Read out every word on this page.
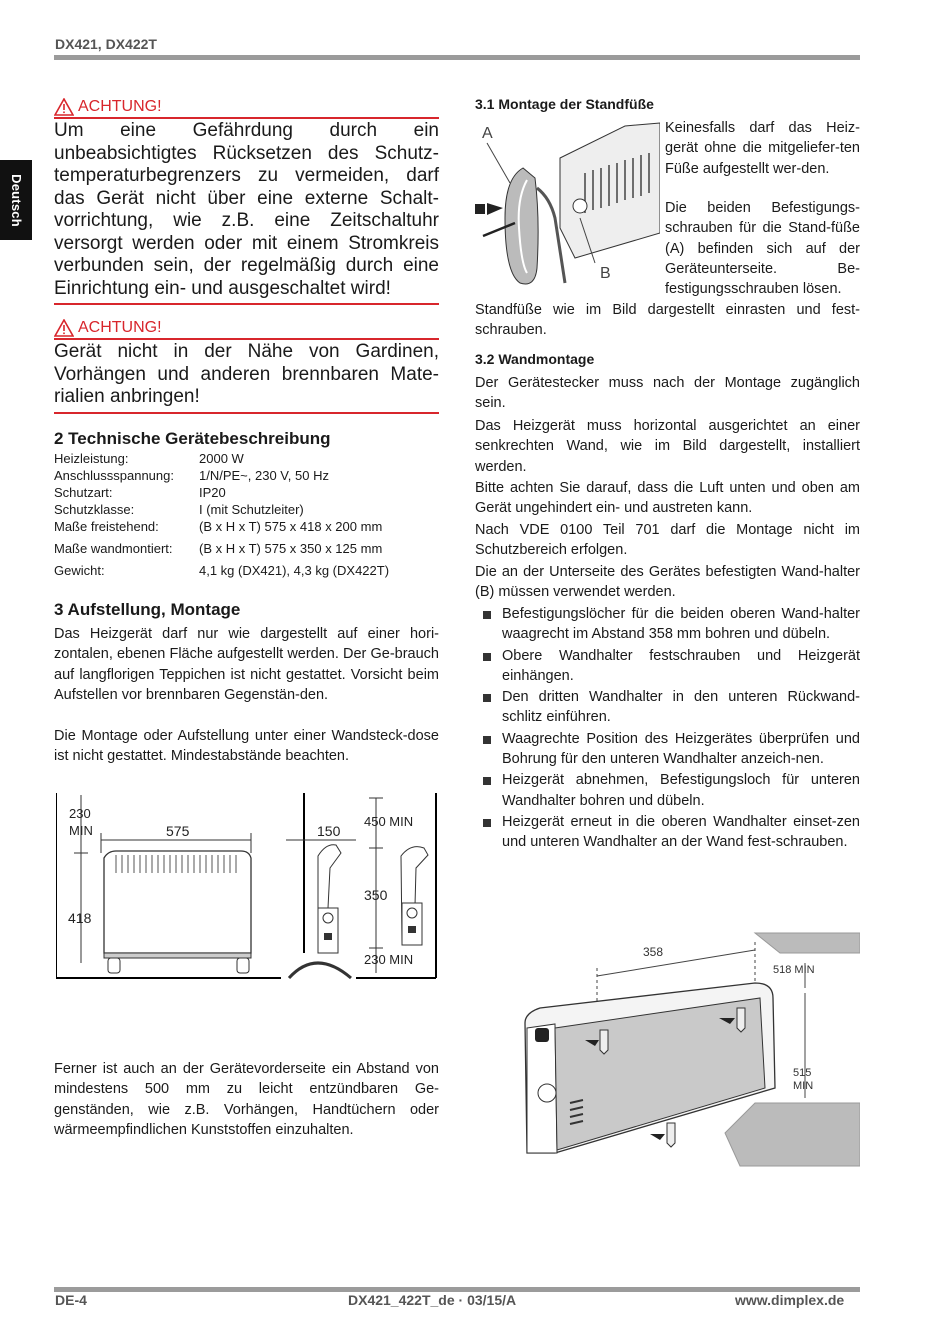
DX421, DX422T
Deutsch
ACHTUNG!
Um eine Gefährdung durch ein unbeabsichtigtes Rücksetzen des Schutz-temperaturbegrenzers zu vermeiden, darf das Gerät nicht über eine externe Schalt-vorrichtung, wie z.B. eine Zeitschaltuhr versorgt werden oder mit einem Stromkreis verbunden sein, der regelmäßig durch eine Einrichtung ein- und ausgeschaltet wird!
ACHTUNG!
Gerät nicht in der Nähe von Gardinen, Vorhängen und anderen brennbaren Mate-rialien anbringen!
2 Technische Gerätebeschreibung
Heizleistung:	2000 W
Anschlussspannung: 1/N/PE~, 230 V, 50 Hz
Schutzart:	IP20
Schutzklasse:	I (mit Schutzleiter)
Maße freistehend:	(B x H x T) 575 x 418 x 200 mm
Maße wandmontiert: (B x H x T) 575 x 350 x 125 mm
Gewicht:	4,1 kg (DX421), 4,3 kg (DX422T)
3 Aufstellung, Montage
Das Heizgerät darf nur wie dargestellt auf einer hori-zontalen, ebenen Fläche aufgestellt werden. Der Ge-brauch auf langflorigen Teppichen ist nicht gestattet. Vorsicht beim Aufstellen vor brennbaren Gegenstän-den.
Die Montage oder Aufstellung unter einer Wandsteck-dose ist nicht gestattet. Mindestabstände beachten.
230
MIN	575
418
150
450 MIN
350
230 MIN
Ferner ist auch an der Gerätevorderseite ein Abstand von mindestens 500 mm zu leicht entzündbaren Ge-genständen, wie z.B. Vorhängen, Handtüchern oder wärmeempfindlichen Kunststoffen einzuhalten.
3.1 Montage der Standfüße
A
B
Keinesfalls darf das Heiz-gerät ohne die mitgeliefer-ten Füße aufgestellt wer-den.
Die beiden Befestigungs-schrauben für die Stand-füße (A) befinden sich auf der Geräteunterseite. Be-festigungsschrauben lösen.
Standfüße wie im Bild dargestellt einrasten und fest-schrauben.
3.2 Wandmontage
Der Gerätestecker muss nach der Montage zugänglich sein.
Das Heizgerät muss horizontal ausgerichtet an einer senkrechten Wand, wie im Bild dargestellt, installiert werden.
Bitte achten Sie darauf, dass die Luft unten und oben am Gerät ungehindert ein- und austreten kann.
Nach VDE 0100 Teil 701 darf die Montage nicht im Schutzbereich erfolgen.
Die an der Unterseite des Gerätes befestigten Wand-halter (B) müssen verwendet werden.
Befestigungslöcher für die beiden oberen Wand-halter waagrecht im Abstand 358 mm bohren und dübeln.
Obere Wandhalter festschrauben und Heizgerät einhängen.
Den dritten Wandhalter in den unteren Rückwand-schlitz einführen.
Waagrechte Position des Heizgerätes überprüfen und Bohrung für den unteren Wandhalter anzeich-nen.
Heizgerät abnehmen, Befestigungsloch für unteren Wandhalter bohren und dübeln.
Heizgerät erneut in die oberen Wandhalter einset-zen und unteren Wandhalter an der Wand fest-schrauben.
358
518 MIN
515
MIN
DE-4	DX421_422T_de · 03/15/A	www.dimplex.de
